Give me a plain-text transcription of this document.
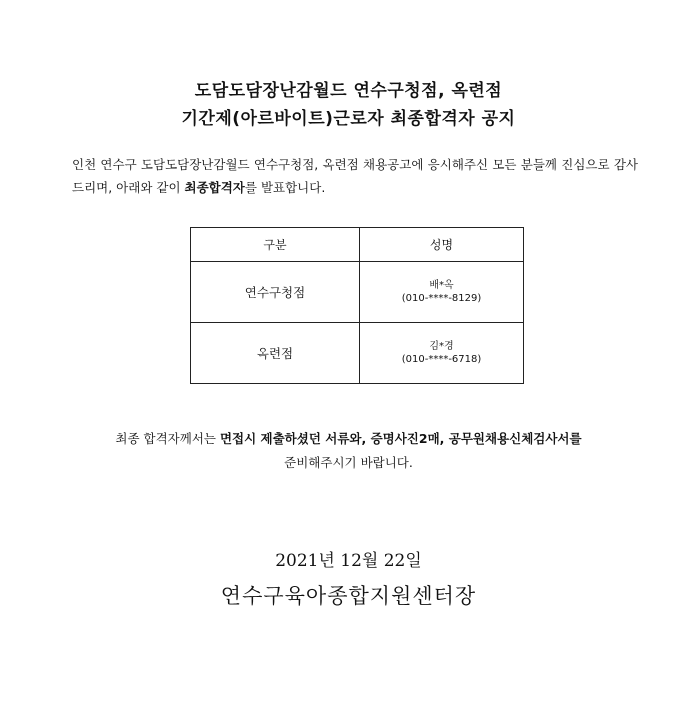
도담도담장난감월드 연수구청점, 옥련점
기간제(아르바이트)근로자 최종합격자 공지
인천 연수구 도담도담장난감월드 연수구청점, 옥련점 채용공고에 응시해주신 모든 분들께 진심으로 감사드리며, 아래와 같이 최종합격자를 발표합니다.
구분	성명
연수구청점	배*옥
(010-****-8129)

옥련점	김*경
(010-****-6718)
최종 합격자께서는 면접시 제출하셨던 서류와, 증명사진2매, 공무원채용신체검사서를
준비해주시기 바랍니다.
2021년 12월 22일
연수구육아종합지원센터장
